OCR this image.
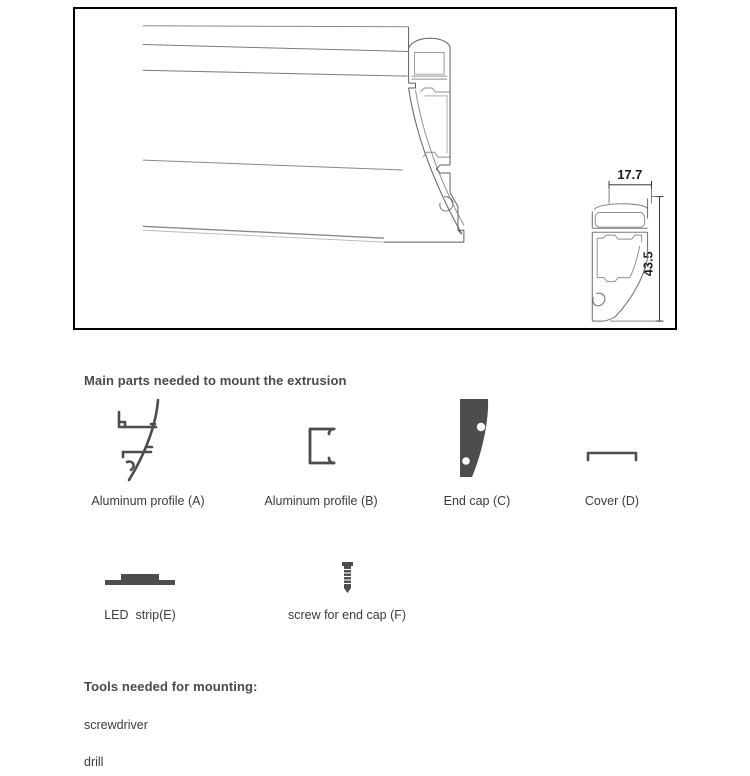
17.7
43.5
Main parts needed to mount the extrusion
Aluminum profile (A)	Aluminum profile (B)	End cap (C)	Cover (D)
LED  strip(E)	screw for end cap (F)
Tools needed for mounting:
screwdriver
drill
